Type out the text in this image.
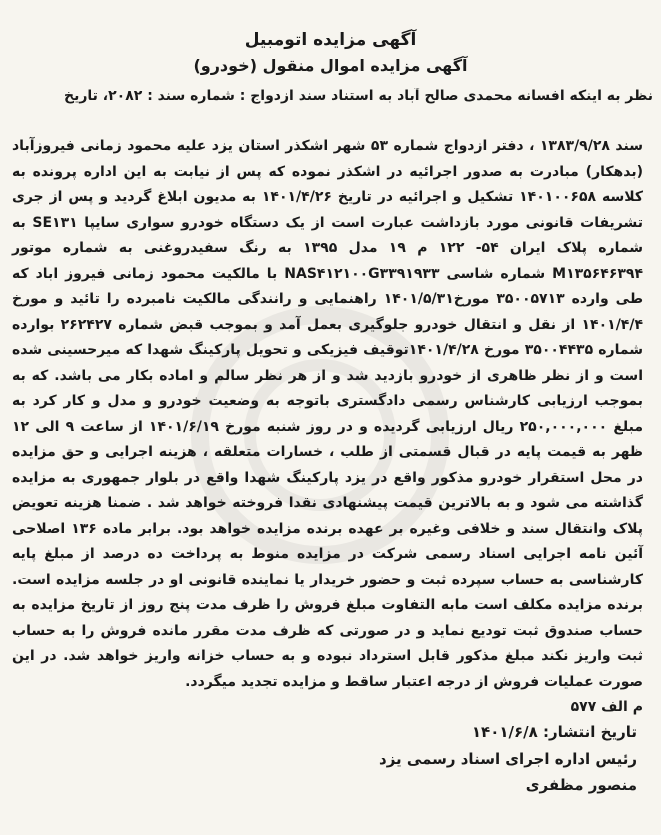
آگهی مزایده اتومبیل
آگهی مزایده اموال منقول (خودرو)
نظر به اینکه افسانه محمدی صالح آباد به استناد سند ازدواج : شماره سند : ۲۰۸۲، تاریخ
سند ۱۳۸۳/۹/۲۸ ، دفتر ازدواج شماره ۵۳ شهر اشکذر استان یزد علیه محمود زمانی فیروزآباد (بدهکار) مبادرت به صدور اجرائیه در اشکذر نموده که پس از نیابت به این اداره پرونده به کلاسه ۱۴۰۱۰۰۶۵۸ تشکیل و اجرائیه در تاریخ ۱۴۰۱/۴/۲۶ به مدیون ابلاغ گردید و پس از جری تشریفات قانونی مورد بازداشت عبارت است از یک دستگاه خودرو سواری سایپا SE۱۳۱ به شماره پلاک ایران ۵۴- ۱۲۲ م ۱۹ مدل ۱۳۹۵ به رنگ سفیدروغنی به شماره موتور M۱۳۵۶۴۶۳۹۴ شماره شاسی NAS۴۱۲۱۰۰G۳۳۹۱۹۳۳ با مالکیت محمود زمانی فیروز اباد که طی وارده ۳۵۰۰۵۷۱۳ مورخ۱۴۰۱/۵/۳۱ راهنمایی و رانندگی مالکیت نامبرده را تائید و مورخ ۱۴۰۱/۴/۴ از نقل و انتقال خودرو جلوگیری بعمل آمد و بموجب قبض شماره ۲۶۲۴۲۷ بوارده شماره ۳۵۰۰۴۴۳۵ مورخ ۱۴۰۱/۴/۲۸توقیف فیزیکی و تحویل پارکینگ شهدا که میرحسینی شده است و از نظر ظاهری از خودرو بازدید شد و از هر نظر سالم و اماده بکار می باشد. که به بموجب ارزیابی کارشناس رسمی دادگستری باتوجه به وضعیت خودرو و مدل و کار کرد به مبلغ ۲۵۰,۰۰۰,۰۰۰ ریال ارزیابی گردیده و در روز شنبه مورخ ۱۴۰۱/۶/۱۹ از ساعت ۹ الی ۱۲ ظهر به قیمت پایه در قبال قسمتی از طلب ، خسارات متعلقه ، هزینه اجرایی و حق مزایده در محل استقرار خودرو مذکور واقع در یزد پارکینگ شهدا واقع در بلوار جمهوری به مزایده گذاشته می شود و به بالاترین قیمت پیشنهادی نقدا فروخته خواهد شد . ضمنا هزینه تعویض پلاک وانتقال سند و خلافی وغیره بر عهده برنده مزایده خواهد بود. برابر ماده ۱۳۶ اصلاحی آئین نامه اجرایی اسناد رسمی شرکت در مزایده منوط به پرداخت ده درصد از مبلغ پایه کارشناسی به حساب سپرده ثبت و حضور خریدار یا نماینده قانونی او در جلسه مزایده است. برنده مزایده مکلف است مابه التفاوت مبلغ فروش را ظرف مدت پنج روز از تاریخ مزایده به حساب صندوق ثبت تودیع نماید و در صورتی که ظرف مدت مقرر مانده فروش را به حساب ثبت واریز نکند مبلغ مذکور قابل استرداد نبوده و به حساب خزانه واریز خواهد شد. در این صورت عملیات فروش از درجه اعتبار ساقط و مزایده تجدید میگردد.
م الف ۵۷۷
تاریخ انتشار: ۱۴۰۱/۶/۸
رئیس اداره اجرای اسناد رسمی یزد
منصور مظفری
